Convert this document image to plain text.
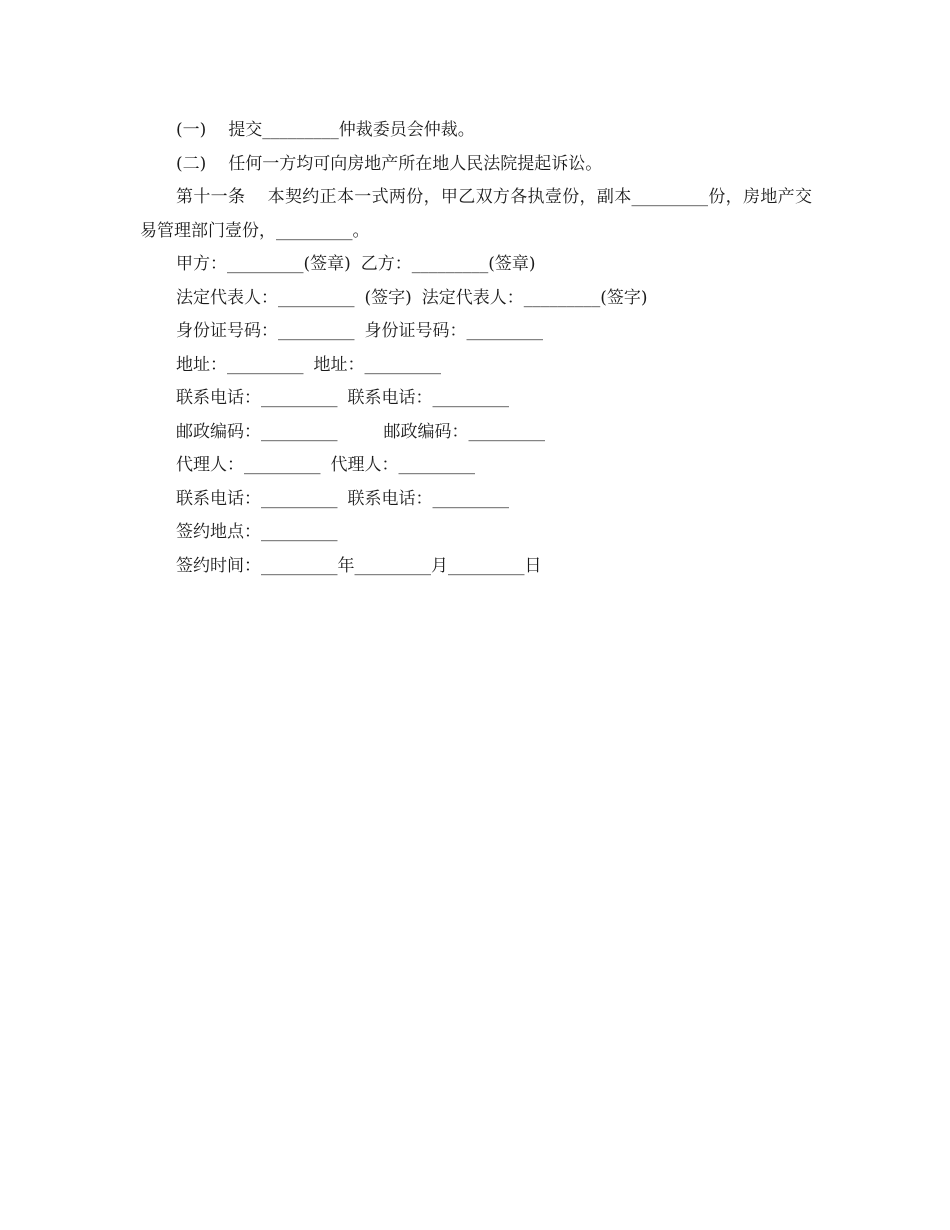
(一) 提交_________仲裁委员会仲裁。
(二) 任何一方均可向房地产所在地人民法院提起诉讼。
第十一条 本契约正本一式两份，甲乙双方各执壹份，副本_________份，房地产交易管理部门壹份，_________。
甲方：_________(签章) 乙方：_________(签章)
法定代表人：_________ (签字) 法定代表人：_________(签字)
身份证号码：_________ 身份证号码：_________
地址：_________ 地址：_________
联系电话：_________ 联系电话：_________
邮政编码：_________	邮政编码：_________
代理人：_________ 代理人：_________
联系电话：_________ 联系电话：_________
签约地点：_________
签约时间：_________年_________月_________日
